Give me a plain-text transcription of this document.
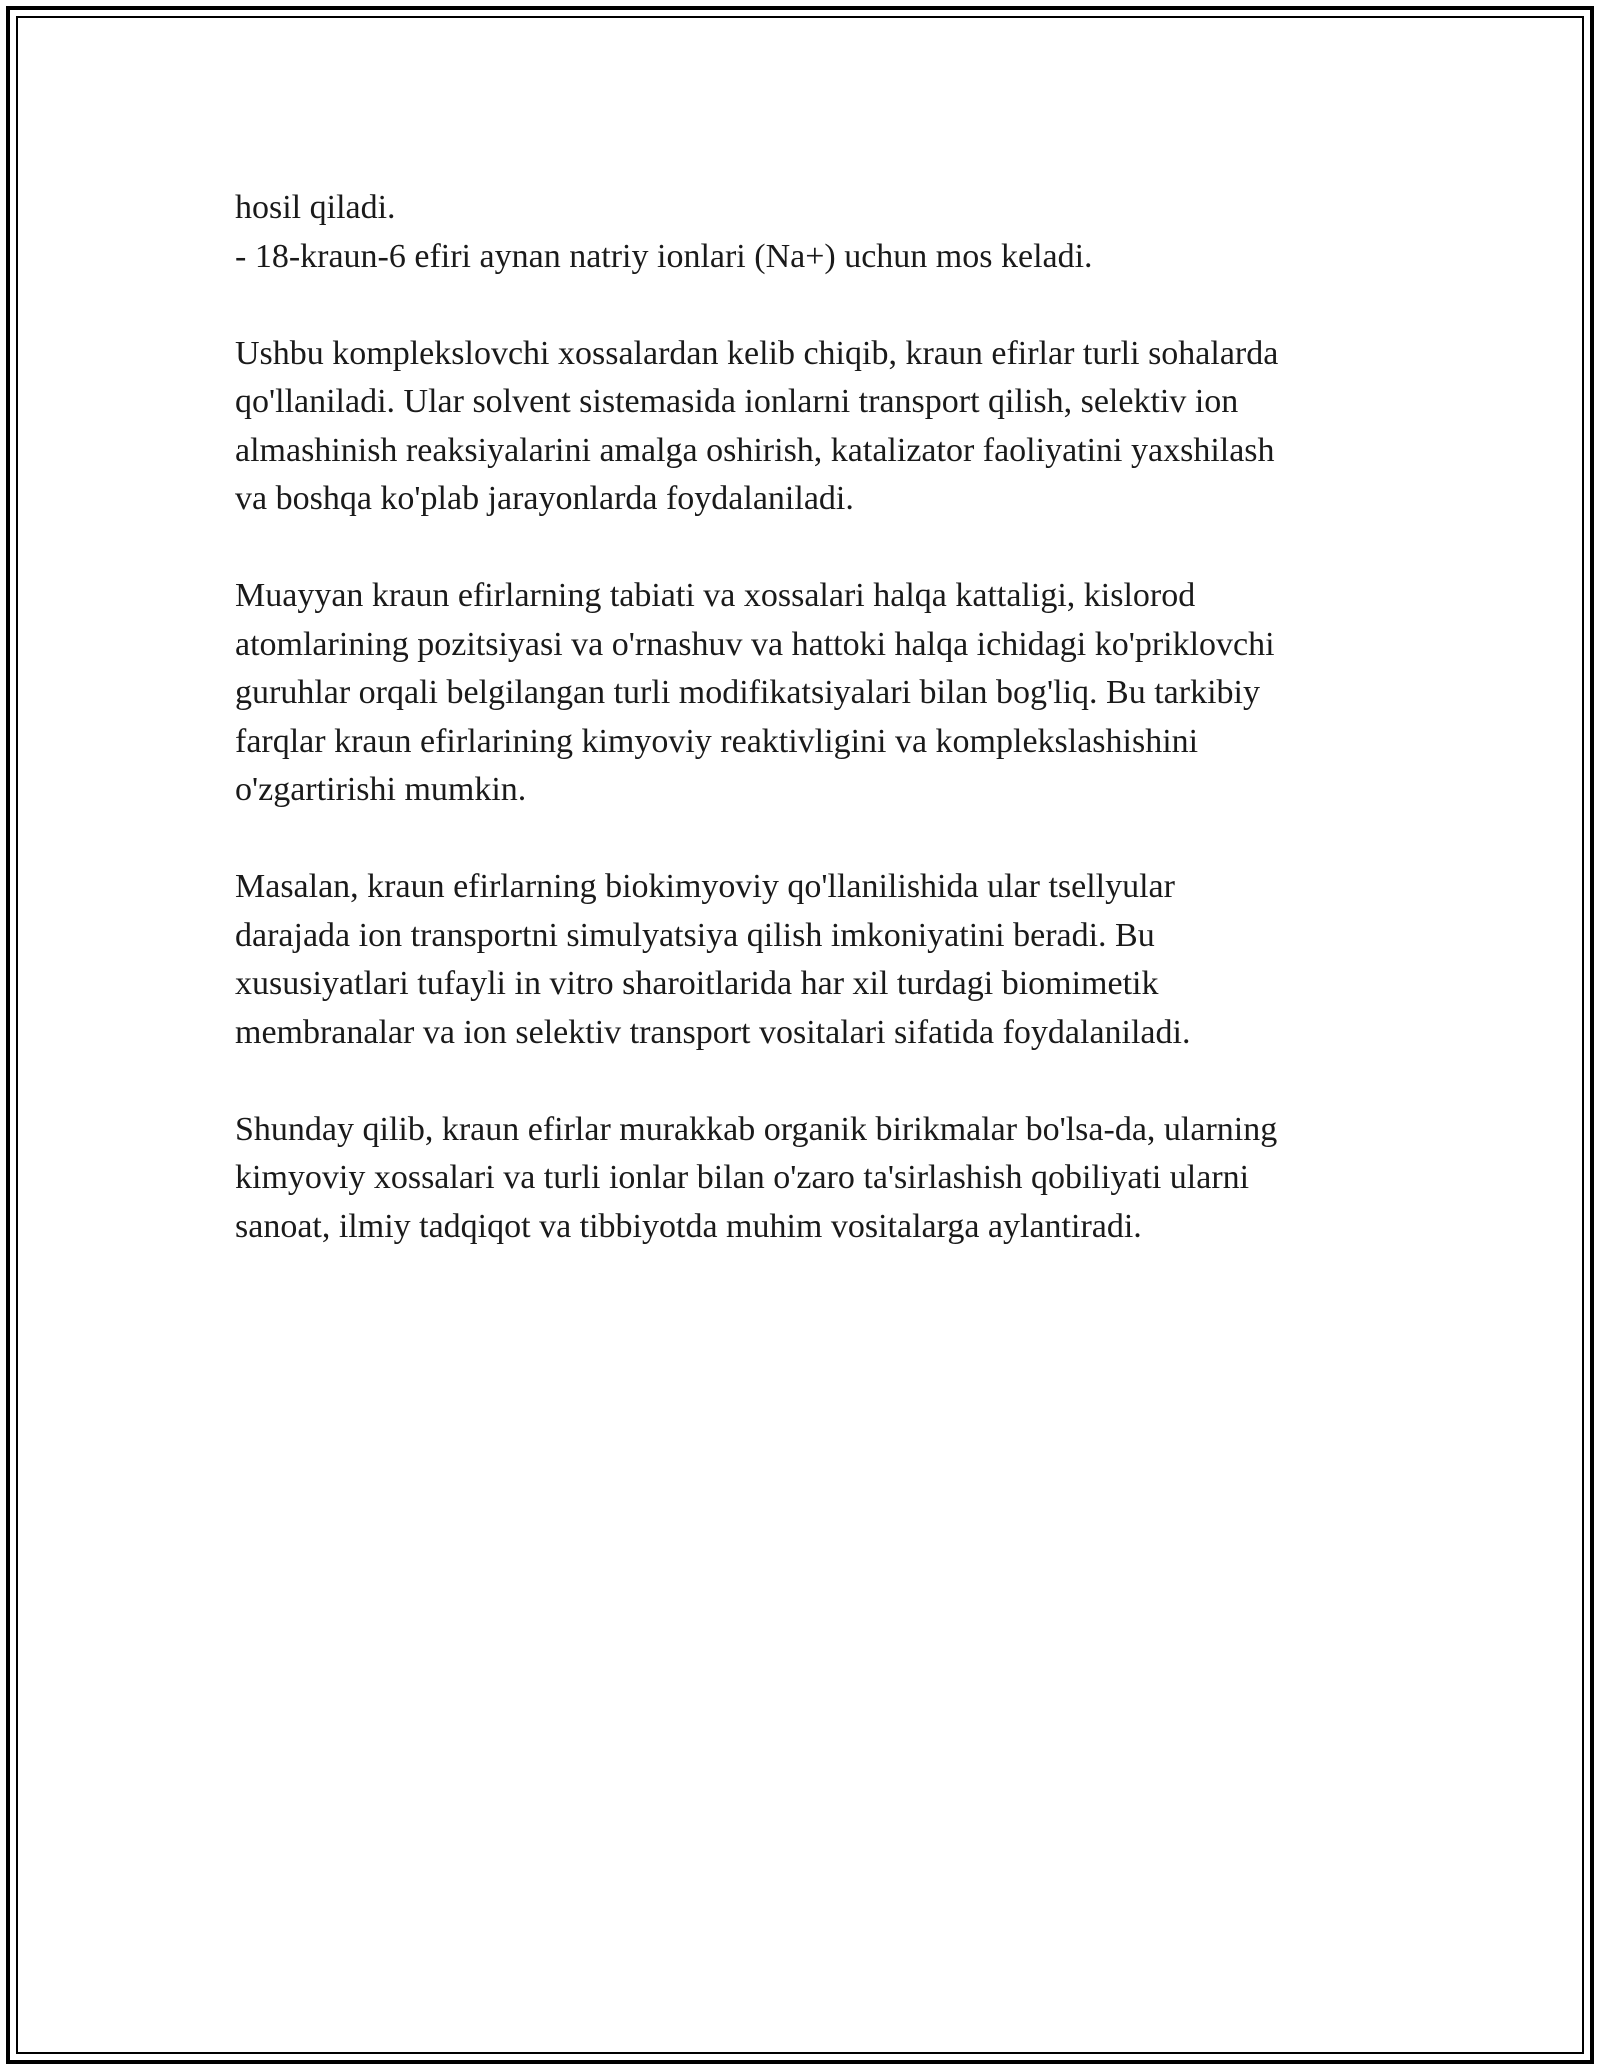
hosil qiladi.
- 18-kraun-6 efiri aynan natriy ionlari (Na+) uchun mos keladi.
Ushbu komplekslovchi xossalardan kelib chiqib, kraun efirlar turli sohalarda
qo'llaniladi. Ular solvent sistemasida ionlarni transport qilish, selektiv ion
almashinish reaksiyalarini amalga oshirish, katalizator faoliyatini yaxshilash
va boshqa ko'plab jarayonlarda foydalaniladi.
Muayyan kraun efirlarning tabiati va xossalari halqa kattaligi, kislorod
atomlarining pozitsiyasi va o'rnashuv va hattoki halqa ichidagi ko'priklovchi
guruhlar orqali belgilangan turli modifikatsiyalari bilan bog'liq. Bu tarkibiy
farqlar kraun efirlarining kimyoviy reaktivligini va komplekslashishini
o'zgartirishi mumkin.
Masalan, kraun efirlarning biokimyoviy qo'llanilishida ular tsellyular
darajada ion transportni simulyatsiya qilish imkoniyatini beradi. Bu
xususiyatlari tufayli in vitro sharoitlarida har xil turdagi biomimetik
membranalar va ion selektiv transport vositalari sifatida foydalaniladi.
Shunday qilib, kraun efirlar murakkab organik birikmalar bo'lsa-da, ularning
kimyoviy xossalari va turli ionlar bilan o'zaro ta'sirlashish qobiliyati ularni
sanoat, ilmiy tadqiqot va tibbiyotda muhim vositalarga aylantiradi.
